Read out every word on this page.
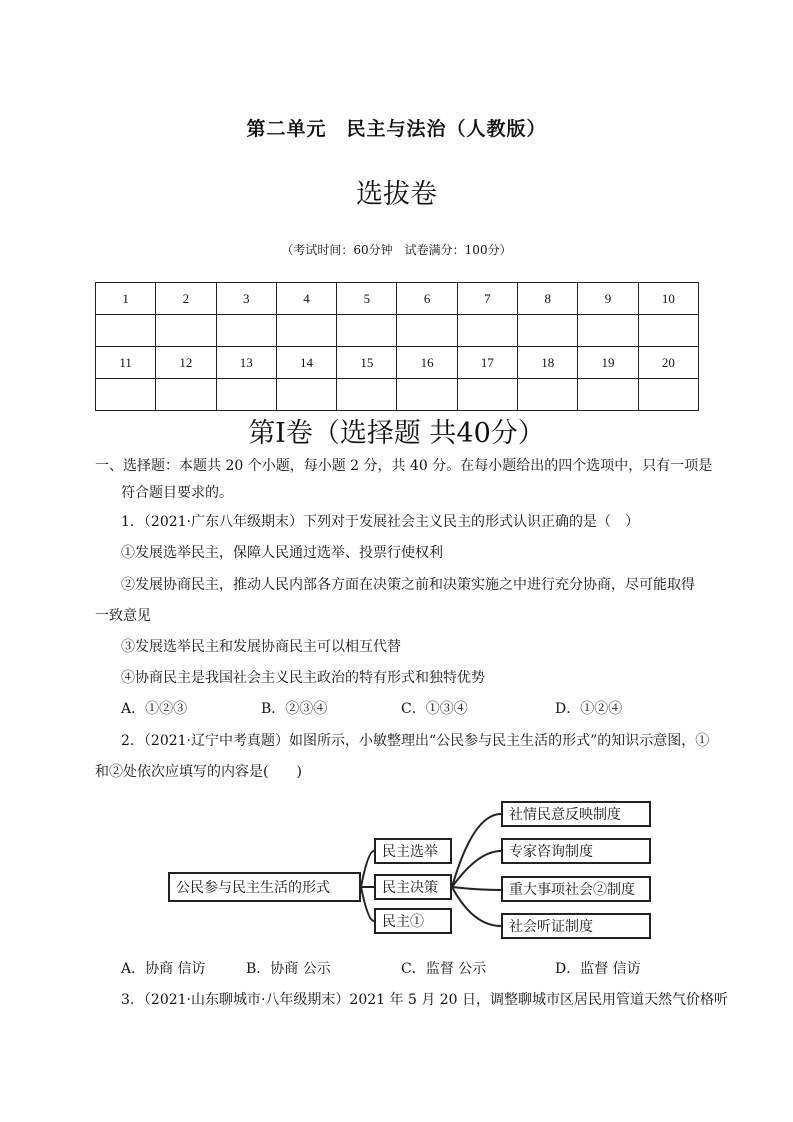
第二单元　民主与法治（人教版）
选拔卷
（考试时间：60分钟　试卷满分：100分）
1	2	3	4	5	6	7	8	9	10

11	12	13	14	15	16	17	18	19	20

第Ⅰ卷（选择题 共40分）
一、选择题：本题共 20 个小题，每小题 2 分，共 40 分。在每小题给出的四个选项中，只有一项是
符合题目要求的。
1．（2021·广东八年级期末）下列对于发展社会主义民主的形式认识正确的是（　）
①发展选举民主，保障人民通过选举、投票行使权利
②发展协商民主，推动人民内部各方面在决策之前和决策实施之中进行充分协商，尽可能取得
一致意见
③发展选举民主和发展协商民主可以相互代替
④协商民主是我国社会主义民主政治的特有形式和独特优势
A．①②③	B．②③④	C．①③④	D．①②④
2．（2021·辽宁中考真题）如图所示，小敏整理出“公民参与民主生活的形式”的知识示意图，①
和②处依次应填写的内容是(　　)
公民参与民主生活的形式
民主选举
民主决策
民主①
社情民意反映制度
专家咨询制度
重大事项社会②制度
社会听证制度
A．协商 信访	B．协商 公示	C．监督 公示	D．监督 信访
3．（2021·山东聊城市·八年级期末）2021 年 5 月 20 日，调整聊城市区居民用管道天然气价格听
